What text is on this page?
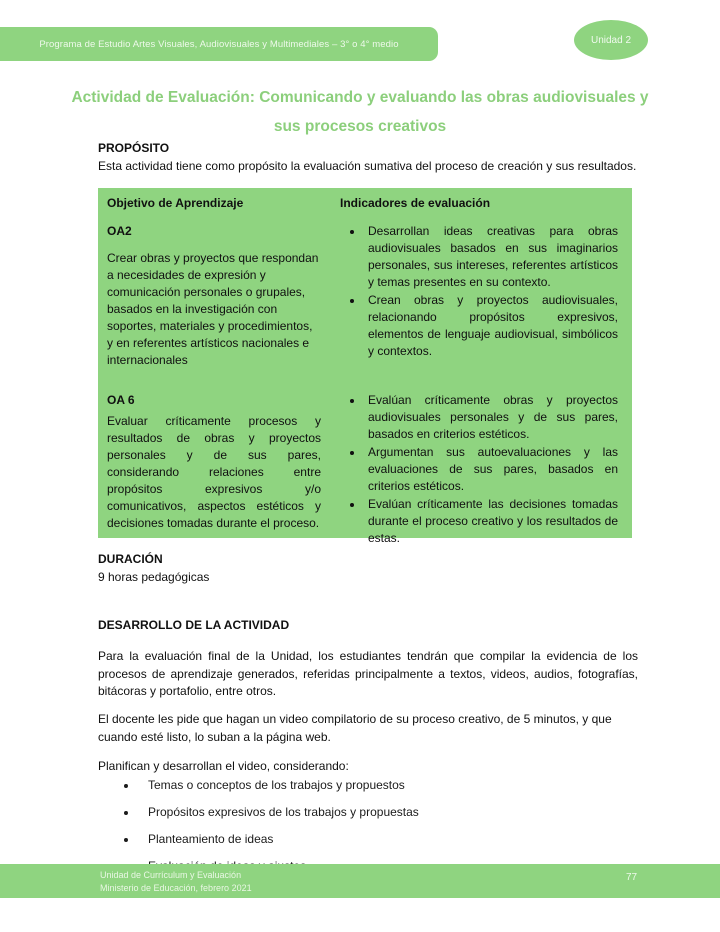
Programa de Estudio Artes Visuales, Audiovisuales y Multimediales – 3° o 4° medio	Unidad 2
Actividad de Evaluación: Comunicando y evaluando las obras audiovisuales y sus procesos creativos
PROPÓSITO
Esta actividad tiene como propósito la evaluación sumativa del proceso de creación y sus resultados.
Objetivo de Aprendizaje	Indicadores de evaluación
OA2
Crear obras y proyectos que respondan a necesidades de expresión y comunicación personales o grupales, basados en la investigación con soportes, materiales y procedimientos, y en referentes artísticos nacionales e internacionales
• Desarrollan ideas creativas para obras audiovisuales basados en sus imaginarios personales, sus intereses, referentes artísticos y temas presentes en su contexto.
• Crean obras y proyectos audiovisuales, relacionando propósitos expresivos, elementos de lenguaje audiovisual, simbólicos y contextos.
OA 6
Evaluar críticamente procesos y resultados de obras y proyectos personales y de sus pares, considerando relaciones entre propósitos expresivos y/o comunicativos, aspectos estéticos y decisiones tomadas durante el proceso.
• Evalúan críticamente obras y proyectos audiovisuales personales y de sus pares, basados en criterios estéticos.
• Argumentan sus autoevaluaciones y las evaluaciones de sus pares, basados en criterios estéticos.
• Evalúan críticamente las decisiones tomadas durante el proceso creativo y los resultados de estas.
DURACIÓN
9 horas pedagógicas
DESARROLLO DE LA ACTIVIDAD
Para la evaluación final de la Unidad, los estudiantes tendrán que compilar la evidencia de los procesos de aprendizaje generados, referidas principalmente a textos, videos, audios, fotografías, bitácoras y portafolio, entre otros.
El docente les pide que hagan un video compilatorio de su proceso creativo, de 5 minutos, y que cuando esté listo, lo suban a la página web.
Planifican y desarrollan el video, considerando:
• Temas o conceptos de los trabajos y propuestos
• Propósitos expresivos de los trabajos y propuestas
• Planteamiento de ideas
•
Unidad de Currículum y Evaluación
Ministerio de Educación, febrero 2021
77
